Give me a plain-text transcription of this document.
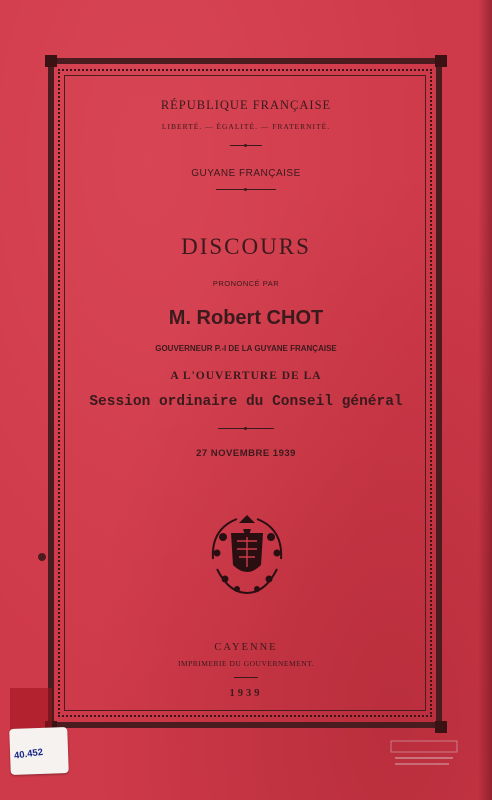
RÉPUBLIQUE FRANÇAISE
LIBERTÉ. — ÉGALITÉ. — FRATERNITÉ.
GUYANE FRANÇAISE
DISCOURS
PRONONCÉ PAR
M. Robert CHOT
GOUVERNEUR P.-I DE LA GUYANE FRANÇAISE
A L'OUVERTURE DE LA
Session ordinaire du Conseil général
27 NOVEMBRE 1939
CAYENNE
IMPRIMERIE DU GOUVERNEMENT.
1939
40.452
